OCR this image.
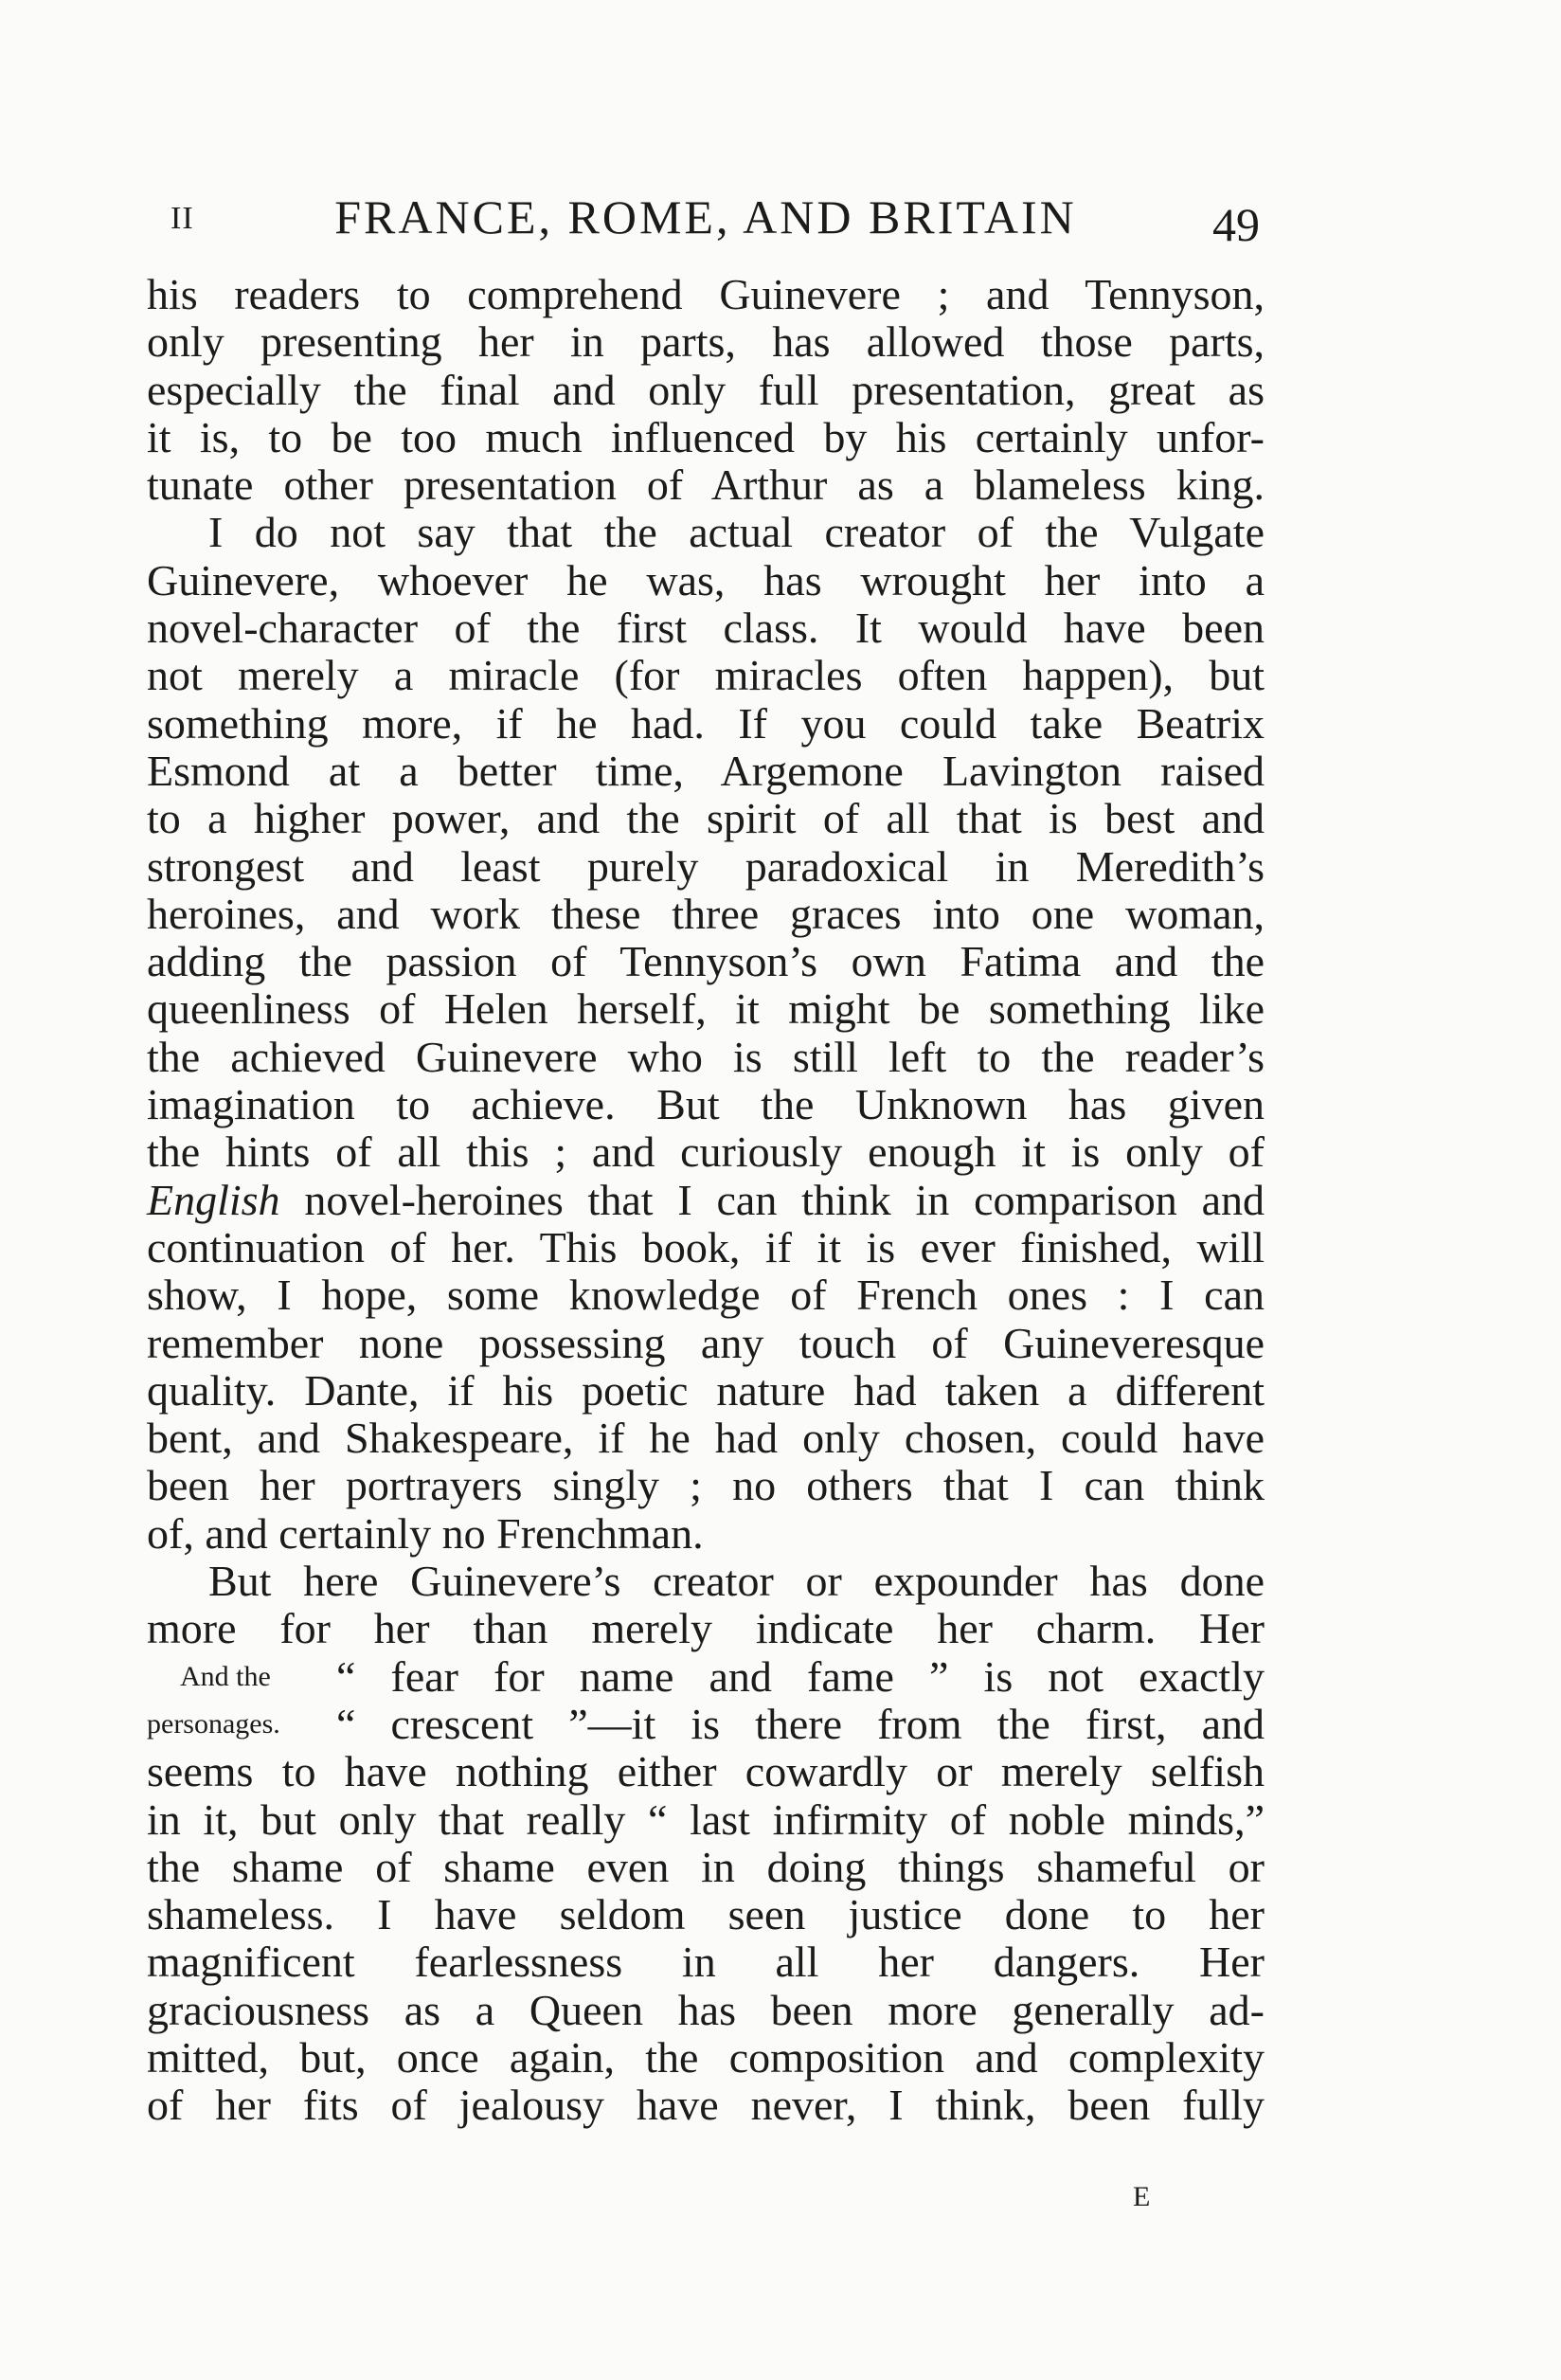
II	FRANCE, ROME, AND BRITAIN	49
his readers to comprehend Guinevere ; and Tennyson,
only presenting her in parts, has allowed those parts,
especially the final and only full presentation, great as
it is, to be too much influenced by his certainly unfor-
tunate other presentation of Arthur as a blameless king.
I do not say that the actual creator of the Vulgate
Guinevere, whoever he was, has wrought her into a
novel-character of the first class. It would have been
not merely a miracle (for miracles often happen), but
something more, if he had. If you could take Beatrix
Esmond at a better time, Argemone Lavington raised
to a higher power, and the spirit of all that is best and
strongest and least purely paradoxical in Meredith’s
heroines, and work these three graces into one woman,
adding the passion of Tennyson’s own Fatima and the
queenliness of Helen herself, it might be something like
the achieved Guinevere who is still left to the reader’s
imagination to achieve. But the Unknown has given
the hints of all this ; and curiously enough it is only of
English novel-heroines that I can think in comparison and
continuation of her. This book, if it is ever finished, will
show, I hope, some knowledge of French ones : I can
remember none possessing any touch of Guineveresque
quality. Dante, if his poetic nature had taken a different
bent, and Shakespeare, if he had only chosen, could have
been her portrayers singly ; no others that I can think
of, and certainly no Frenchman.
But here Guinevere’s creator or expounder has done
more for her than merely indicate her charm. Her
And the “ fear for name and fame ” is not exactly
personages. “ crescent ”—it is there from the first, and
seems to have nothing either cowardly or merely selfish
in it, but only that really “ last infirmity of noble minds,”
the shame of shame even in doing things shameful or
shameless. I have seldom seen justice done to her
magnificent fearlessness in all her dangers. Her
graciousness as a Queen has been more generally ad-
mitted, but, once again, the composition and complexity
of her fits of jealousy have never, I think, been fully
E
